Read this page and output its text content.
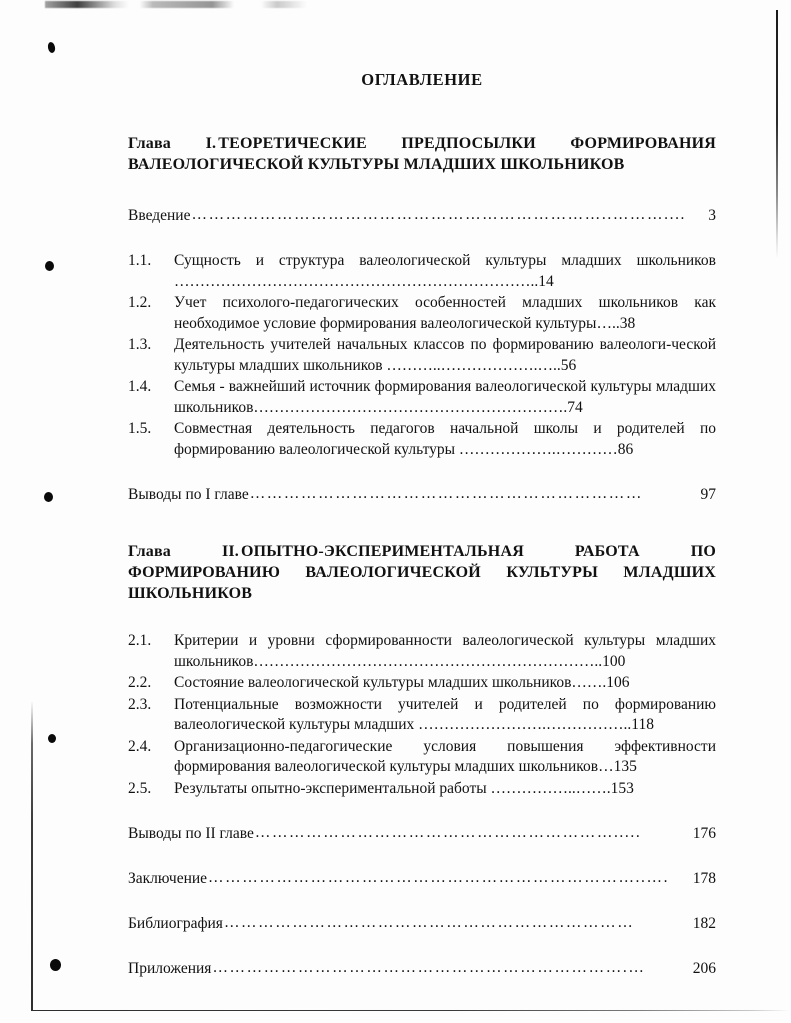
ОГЛАВЛЕНИЕ
Глава I. ТЕОРЕТИЧЕСКИЕ ПРЕДПОСЫЛКИ ФОРМИРОВАНИЯ ВАЛЕОЛОГИЧЕСКОЙ КУЛЬТУРЫ МЛАДШИХ ШКОЛЬНИКОВ
Введение ………………………………………………………………..………....	3
1.1.	Сущность и структура валеологической культуры младших школьников ……………………………………………………………..14
1.2.	Учет психолого-педагогических особенностей младших школьников как необходимое условие формирования валеологической культуры…..38
1.3.	Деятельность учителей начальных классов по формированию валеологи-ческой культуры младших школьников ………..……………….…..56
1.4.	Семья - важнейший источник формирования валеологической культуры младших школьников…………………………………………………….74
1.5.	Совместная деятельность педагогов начальной школы и родителей по формированию валеологической культуры ……………….…………86
Выводы по I главе ……………………………………………………………	97
Глава II. ОПЫТНО-ЭКСПЕРИМЕНТАЛЬНАЯ РАБОТА ПО ФОРМИРОВАНИЮ ВАЛЕОЛОГИЧЕСКОЙ КУЛЬТУРЫ МЛАДШИХ ШКОЛЬНИКОВ
2.1.	Критерии и уровни сформированности валеологической культуры младших школьников…………………………………………………………..100
2.2.	Состояние валеологической культуры младших школьников…….106
2.3.	Потенциальные возможности учителей и родителей по формированию валеологической культуры младших …………………….……………..118
2.4.	Организационно-педагогические условия повышения эффективности формирования валеологической культуры младших школьников…135
2.5.	Результаты опытно-экспериментальной работы ……………..…….153
Выводы по II главе ……………………………………………………….....	176
Заключение …………………………………………………………………..….	178
Библиография ………………………………………………………………	182
Приложения ……………………………………………………………….…	206
